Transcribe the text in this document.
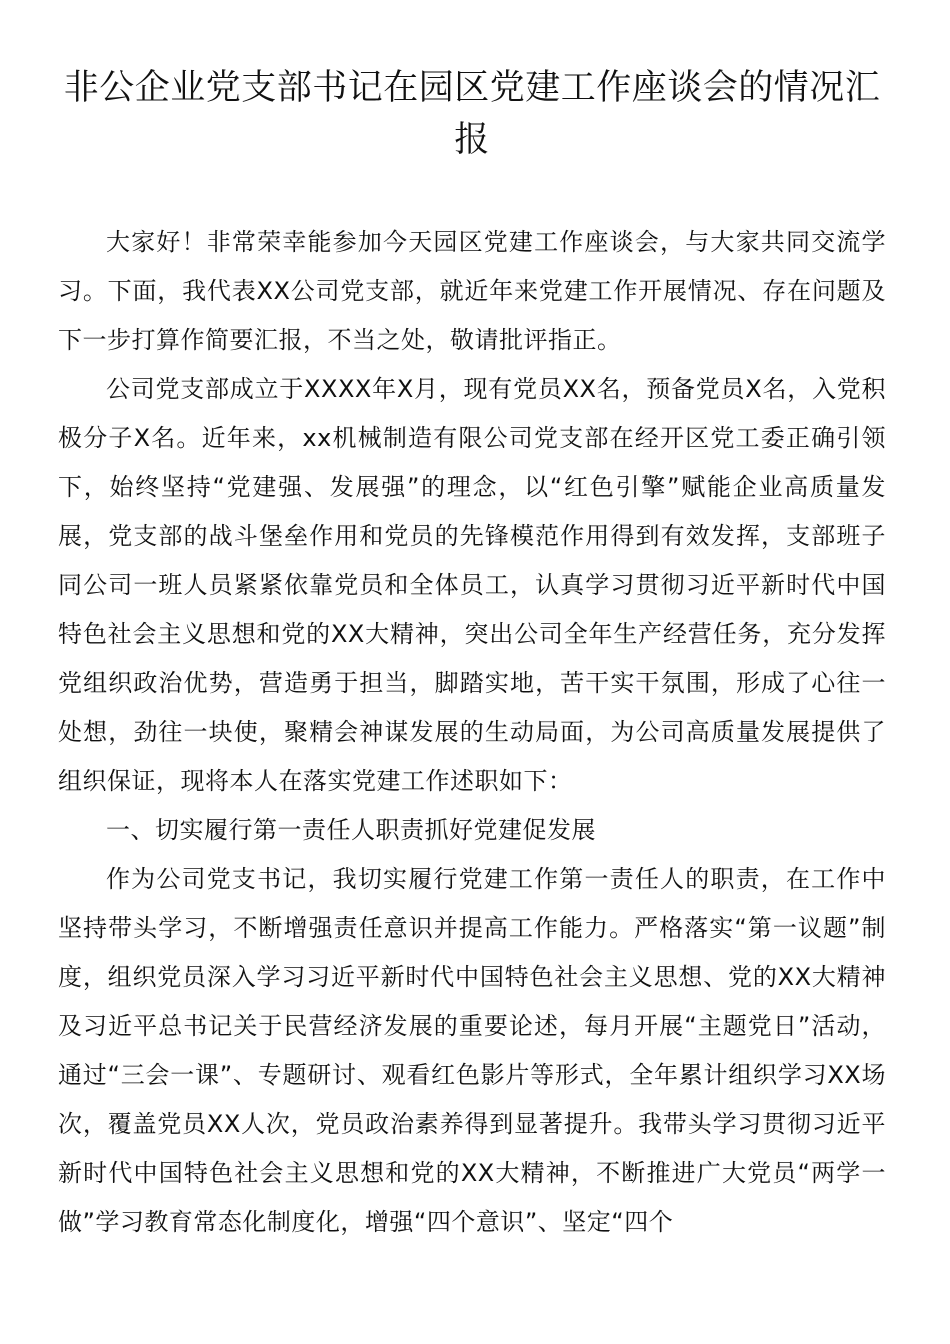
非公企业党支部书记在园区党建工作座谈会的情况汇报

大家好！非常荣幸能参加今天园区党建工作座谈会，与大家共同交流学习。下面，我代表XX公司党支部，就近年来党建工作开展情况、存在问题及下一步打算作简要汇报，不当之处，敬请批评指正。

公司党支部成立于XXXX年X月，现有党员XX名，预备党员X名，入党积极分子X名。近年来，xx机械制造有限公司党支部在经开区党工委正确引领下，始终坚持“党建强、发展强”的理念，以“红色引擎”赋能企业高质量发展，党支部的战斗堡垒作用和党员的先锋模范作用得到有效发挥，支部班子同公司一班人员紧紧依靠党员和全体员工，认真学习贯彻习近平新时代中国特色社会主义思想和党的XX大精神，突出公司全年生产经营任务，充分发挥党组织政治优势，营造勇于担当，脚踏实地，苦干实干氛围，形成了心往一处想，劲往一块使，聚精会神谋发展的生动局面，为公司高质量发展提供了组织保证，现将本人在落实党建工作述职如下：

一、切实履行第一责任人职责抓好党建促发展

作为公司党支书记，我切实履行党建工作第一责任人的职责，在工作中坚持带头学习，不断增强责任意识并提高工作能力。严格落实“第一议题”制度，组织党员深入学习习近平新时代中国特色社会主义思想、党的XX大精神及习近平总书记关于民营经济发展的重要论述，每月开展“主题党日”活动，通过“三会一课”、专题研讨、观看红色影片等形式，全年累计组织学习XX场次，覆盖党员XX人次，党员政治素养得到显著提升。我带头学习贯彻习近平新时代中国特色社会主义思想和党的XX大精神，不断推进广大党员“两学一做”学习教育常态化制度化，增强“四个意识”、坚定“四个
